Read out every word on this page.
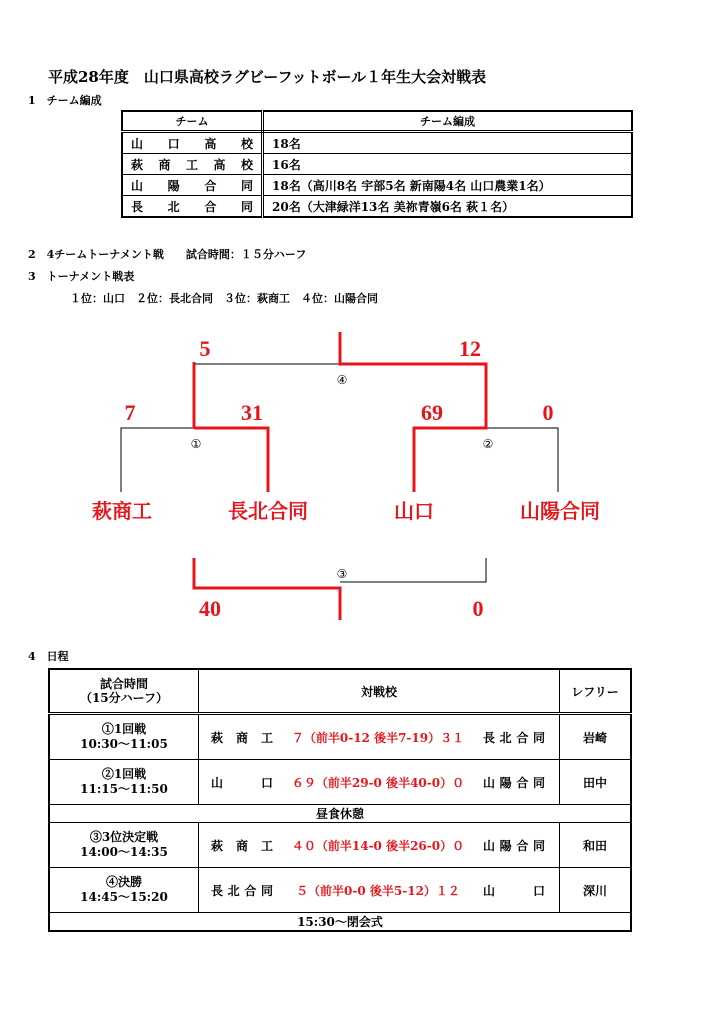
平成28年度　山口県高校ラグビーフットボール１年生大会対戦表
1　チーム編成
チーム	チーム編成
山口高校	18名
萩商工高校	16名
山陽合同	18名（高川8名 宇部5名 新南陽4名 山口農業1名）
長北合同	20名（大津緑洋13名 美祢青嶺6名 萩１名）
2　4チームトーナメント戦　　試合時間：１５分ハーフ
3　トーナメント戦表
１位：山口　２位：長北合同　３位：萩商工　４位：山陽合同
④
①	②
③
5	12
7	31	69	0
40	0
萩商工	長北合同	山口	山陽合同
4　日程
試合時間
（15分ハーフ）	対戦校	レフリー
①1回戦
10:30～11:05	萩商工 ７（前半0-12 後半7-19）３１ 長北合同	岩崎
②1回戦
11:15～11:50	山口 ６９（前半29-0 後半40-0）０ 山陽合同	田中
昼食休憩		
③3位決定戦
14:00～14:35	萩商工 ４０（前半14-0 後半26-0）０ 山陽合同	和田
④決勝
14:45～15:20	長北合同 ５（前半0-0 後半5-12）１２ 山口	深川
15:30～閉会式		
